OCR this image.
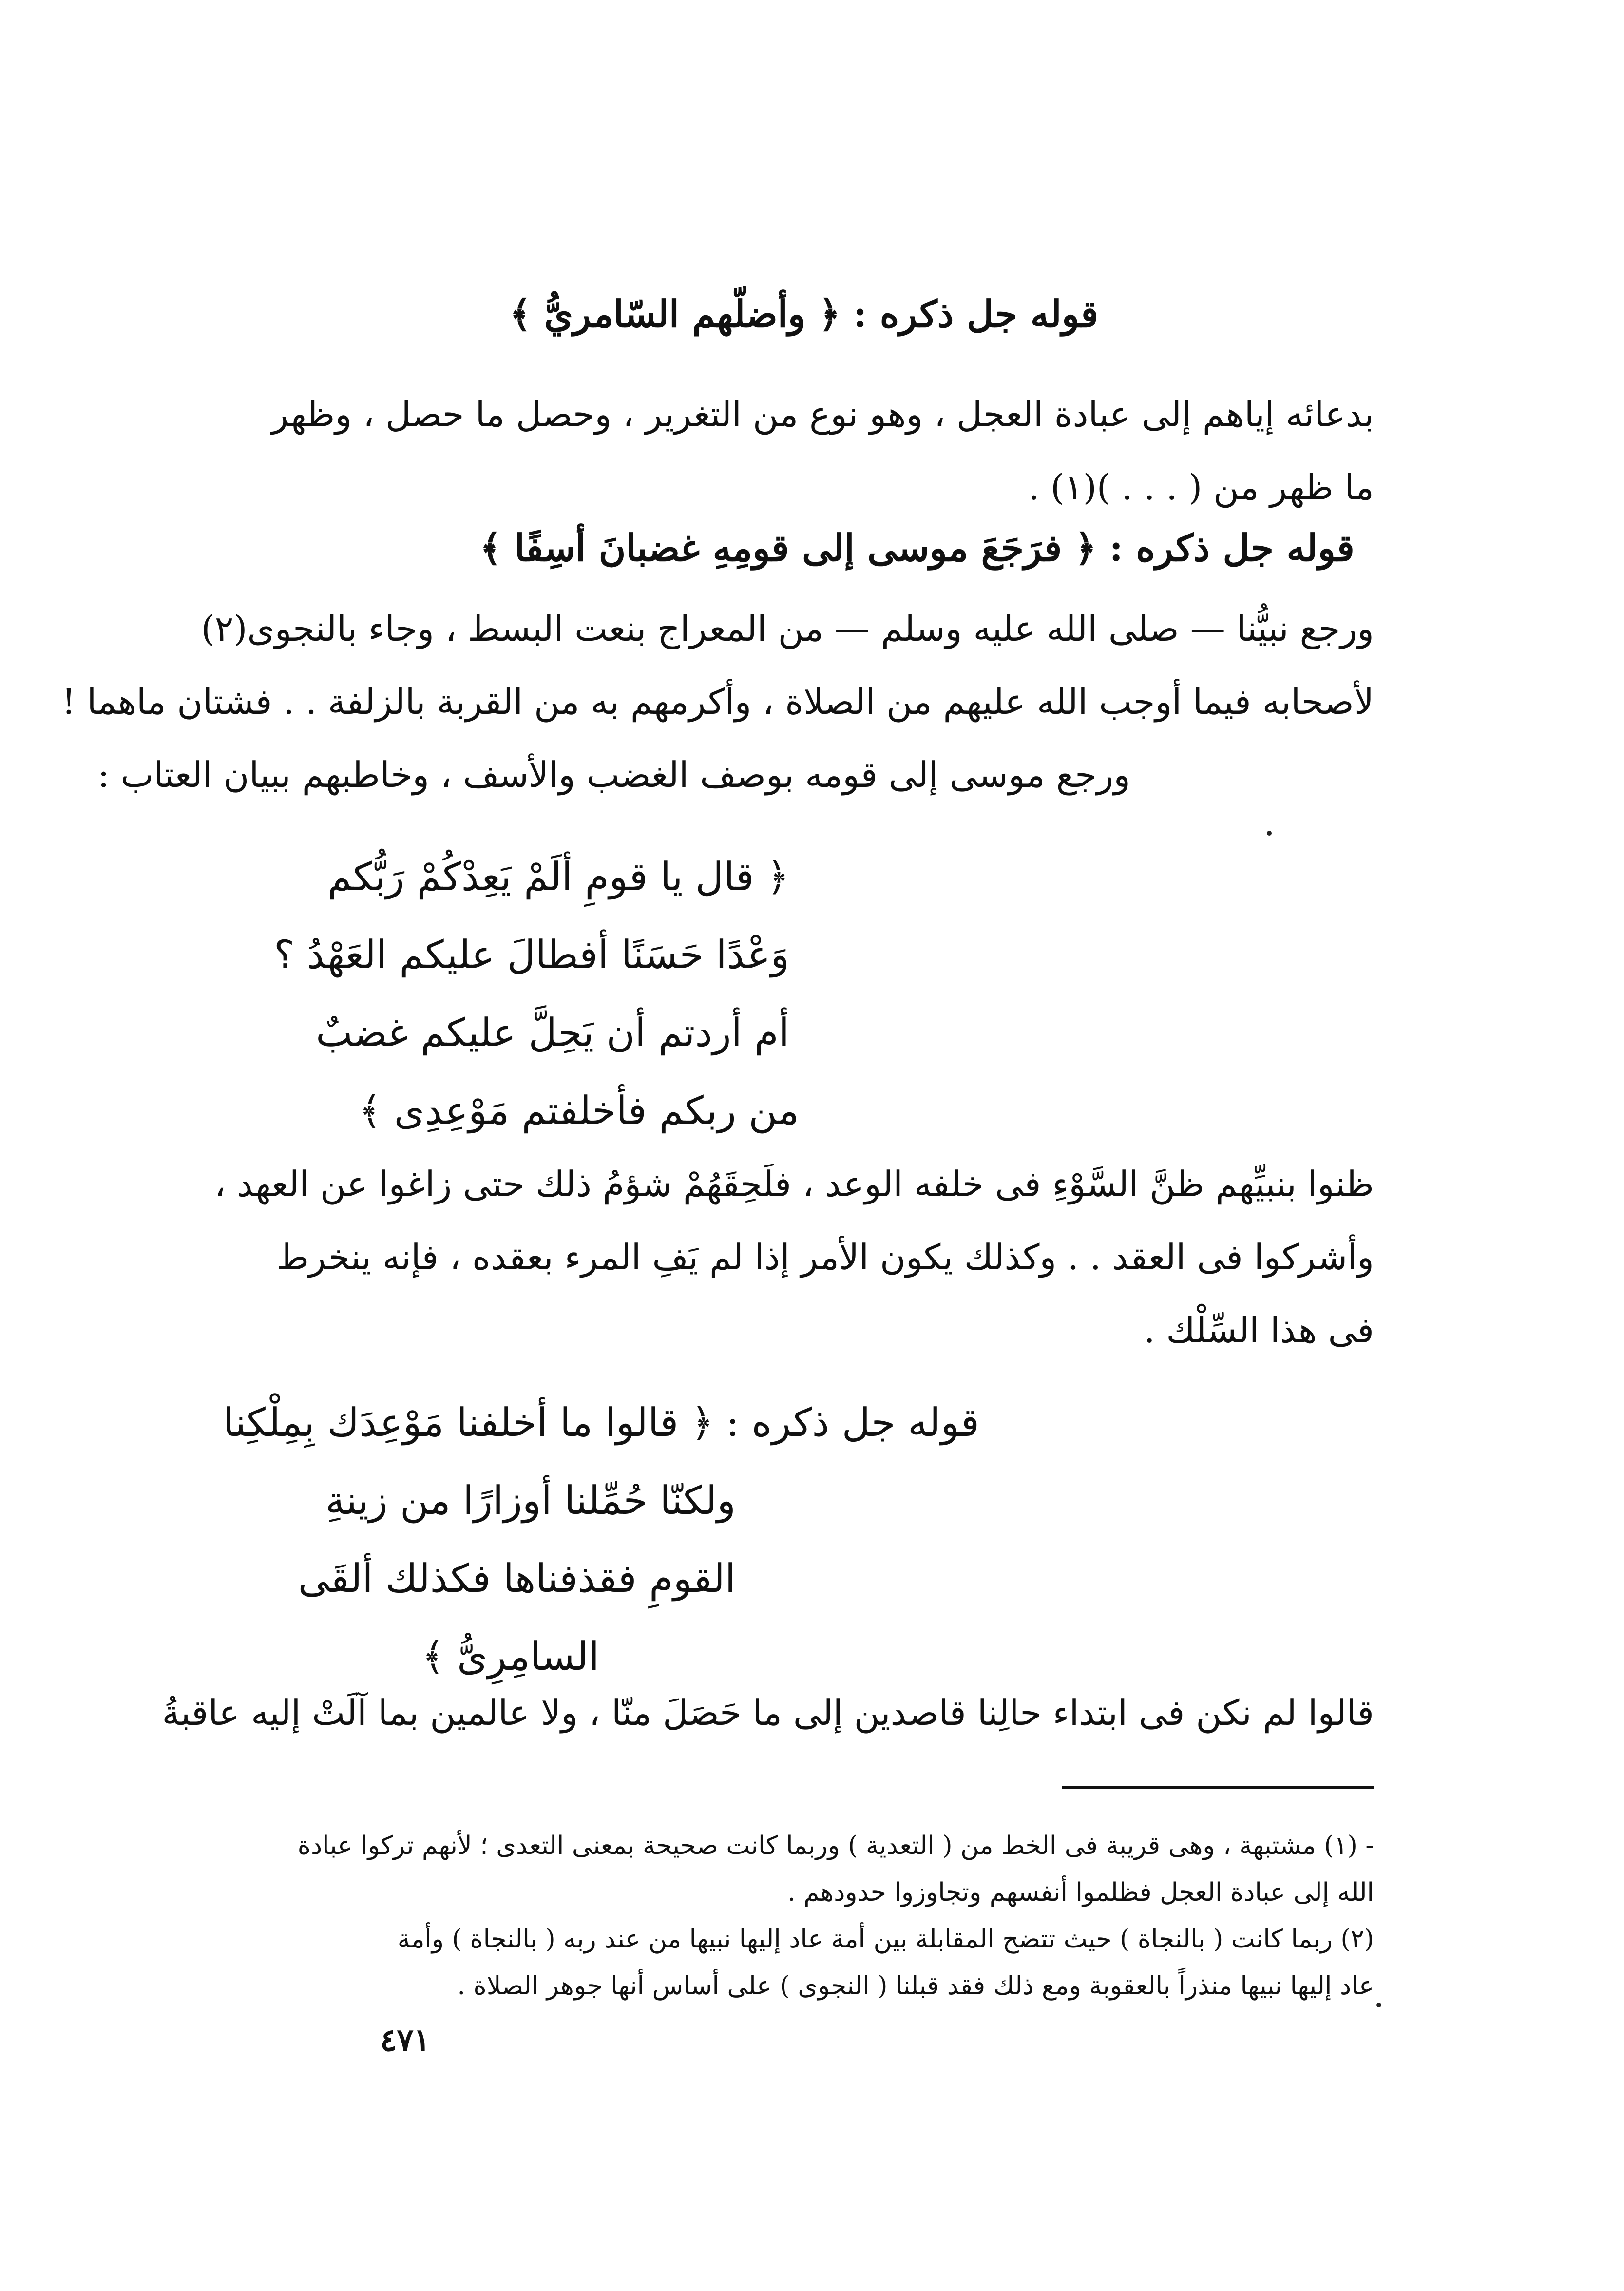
قوله جل ذكره : ﴿ وأضلّهم السّامريُّ ﴾
بدعائه إياهم إلى عبادة العجل ، وهو نوع من التغرير ، وحصل ما حصل ، وظهر
ما ظهر من ( . . . )(١) .
قوله جل ذكره : ﴿ فرَجَعَ موسى إلى قومِهِ غضبانَ أسِفًا ﴾
ورجع نبيُّنا — صلى الله عليه وسلم — من المعراج بنعت البسط ، وجاء بالنجوى(٢)
لأصحابه فيما أوجب الله عليهم من الصلاة ، وأكرمهم به من القربة بالزلفة . . فشتان ماهما !
ورجع موسى إلى قومه بوصف الغضب والأسف ، وخاطبهم ببيان العتاب :
﴿ قال يا قومِ ألَمْ يَعِدْكُمْ رَبُّكم
وَعْدًا حَسَنًا أفطالَ عليكم العَهْدُ ؟
أم أردتم أن يَحِلَّ عليكم غضبٌ
من ربكم فأخلفتم مَوْعِدِى ﴾
ظنوا بنبيِّهم ظنَّ السَّوْءِ فى خلفه الوعد ، فلَحِقَهُمْ شؤمُ ذلك حتى زاغوا عن العهد ،
وأشركوا فى العقد . . وكذلك يكون الأمر إذا لم يَفِ المرء بعقده ، فإنه ينخرط
فى هذا السِّلْك .
قوله جل ذكره : ﴿ قالوا ما أخلفنا مَوْعِدَك بِمِلْكِنا
ولكنّا حُمِّلنا أوزارًا من زينةِ
القومِ فقذفناها فكذلك ألقَى
السامِرِىُّ ﴾
قالوا لم نكن فى ابتداء حالِنا قاصدين إلى ما حَصَلَ منّا ، ولا عالمين بما آلَتْ إليه عاقبةُ
- (١) مشتبهة ، وهى قريبة فى الخط من ( التعدية ) وربما كانت صحيحة بمعنى التعدى ؛ لأنهم تركوا عبادة
الله إلى عبادة العجل فظلموا أنفسهم وتجاوزوا حدودهم .
(٢) ربما كانت ( بالنجاة ) حيث تتضح المقابلة بين أمة عاد إليها نبيها من عند ربه ( بالنجاة ) وأمة
عاد إليها نبيها منذراً بالعقوبة ومع ذلك فقد قبلنا ( النجوى ) على أساس أنها جوهر الصلاة .
٤٧١
